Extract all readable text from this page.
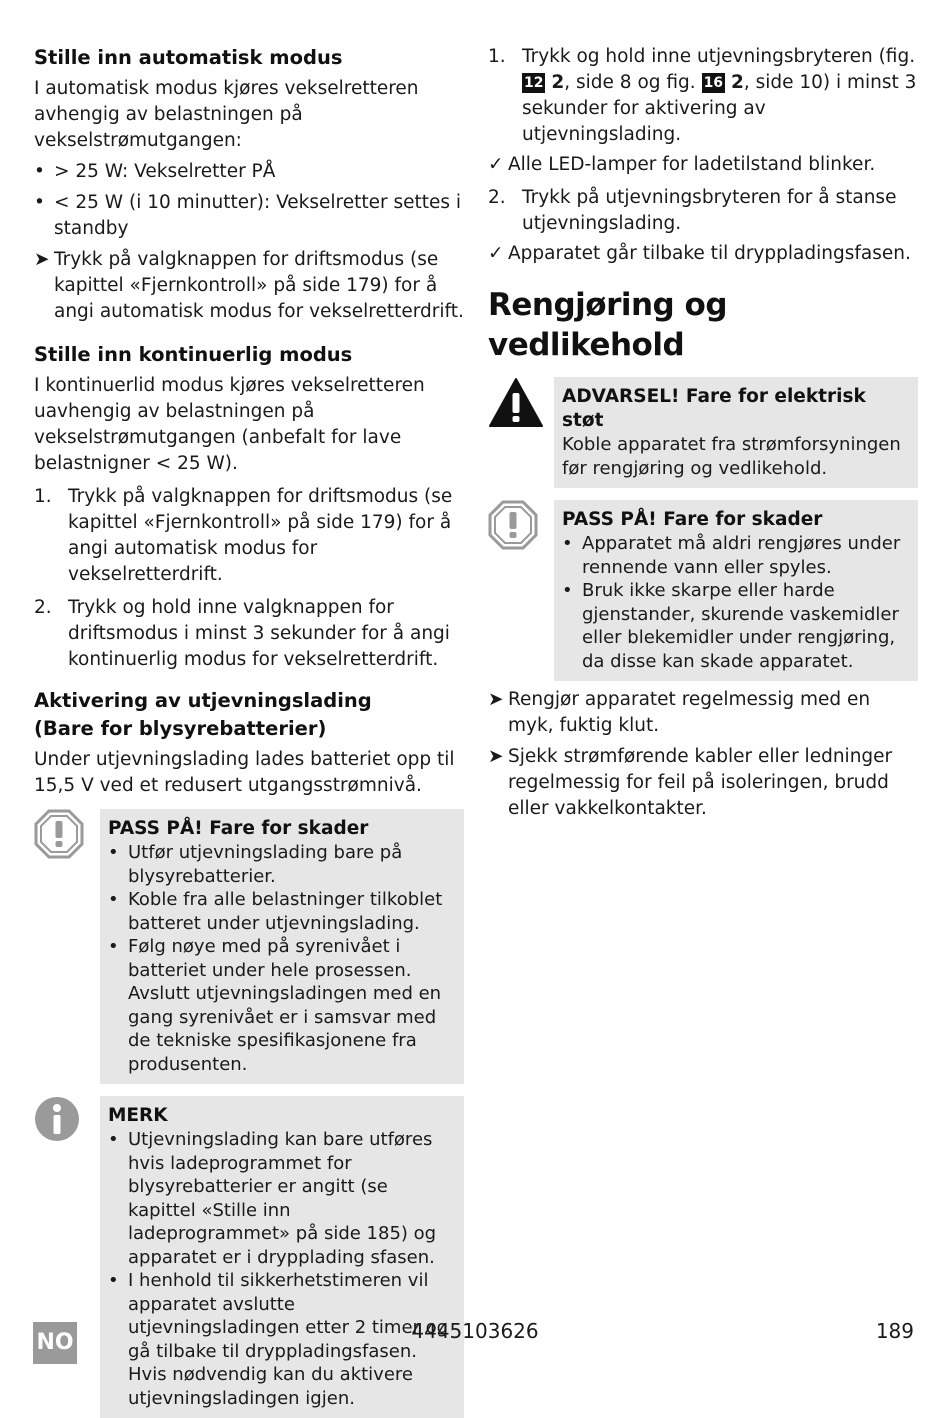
Stille inn automatisk modus

I automatisk modus kjøres vekselretteren avhengig av belastningen på vekselstrømutgangen:

• > 25 W: Vekselretter PÅ
• < 25 W (i 10 minutter): Vekselretter settes i standby
➤ Trykk på valgknappen for driftsmodus (se kapittel «Fjernkontroll» på side 179) for å angi automatisk modus for vekselretterdrift.
Stille inn kontinuerlig modus

I kontinuerlid modus kjøres vekselretteren uavhengig av belastningen på vekselstrømutgangen (anbefalt for lave belastnigner < 25 W).

1. Trykk på valgknappen for driftsmodus (se kapittel «Fjernkontroll» på side 179) for å angi automatisk modus for vekselretterdrift.
2. Trykk og hold inne valgknappen for driftsmodus i minst 3 sekunder for å angi kontinuerlig modus for vekselretterdrift.
Aktivering av utjevningslading
(Bare for blysyrebatterier)

Under utjevningslading lades batteriet opp til 15,5 V ved et redusert utgangsstrømnivå.

PASS PÅ! Fare for skader
• Utfør utjevningslading bare på blysyrebatterier.
• Koble fra alle belastninger tilkoblet batteret under utjevningslading.
• Følg nøye med på syrenivået i batteriet under hele prosessen. Avslutt utjevningsladingen med en gang syrenivået er i samsvar med de tekniske spesifikasjonene fra produsenten.
MERK
• Utjevningslading kan bare utføres hvis ladeprogrammet for blysyrebatterier er angitt (se kapittel «Stille inn ladeprogrammet» på side 185) og apparatet er i drypplading sfasen.
• I henhold til sikkerhetstimeren vil apparatet avslutte utjevningsladingen etter 2 timer og gå tilbake til dryppladingsfasen. Hvis nødvendig kan du aktivere utjevningsladingen igjen.
1. Trykk og hold inne utjevningsbryteren (fig. 12 2, side 8 og fig. 16 2, side 10) i minst 3 sekunder for aktivering av utjevningslading.
✓ Alle LED-lamper for ladetilstand blinker.
2. Trykk på utjevningsbryteren for å stanse utjevningslading.
✓ Apparatet går tilbake til dryppladingsfasen.
Rengjøring og vedlikehold
ADVARSEL! Fare for elektrisk støt
Koble apparatet fra strømforsyningen før rengjøring og vedlikehold.
PASS PÅ! Fare for skader
• Apparatet må aldri rengjøres under rennende vann eller spyles.
• Bruk ikke skarpe eller harde gjenstander, skurende vaskemidler eller blekemidler under rengjøring, da disse kan skade apparatet.
➤ Rengjør apparatet regelmessig med en myk, fuktig klut.
➤ Sjekk strømførende kabler eller ledninger regelmessig for feil på isoleringen, brudd eller vakkelkontakter.
NO	4445103626	189
